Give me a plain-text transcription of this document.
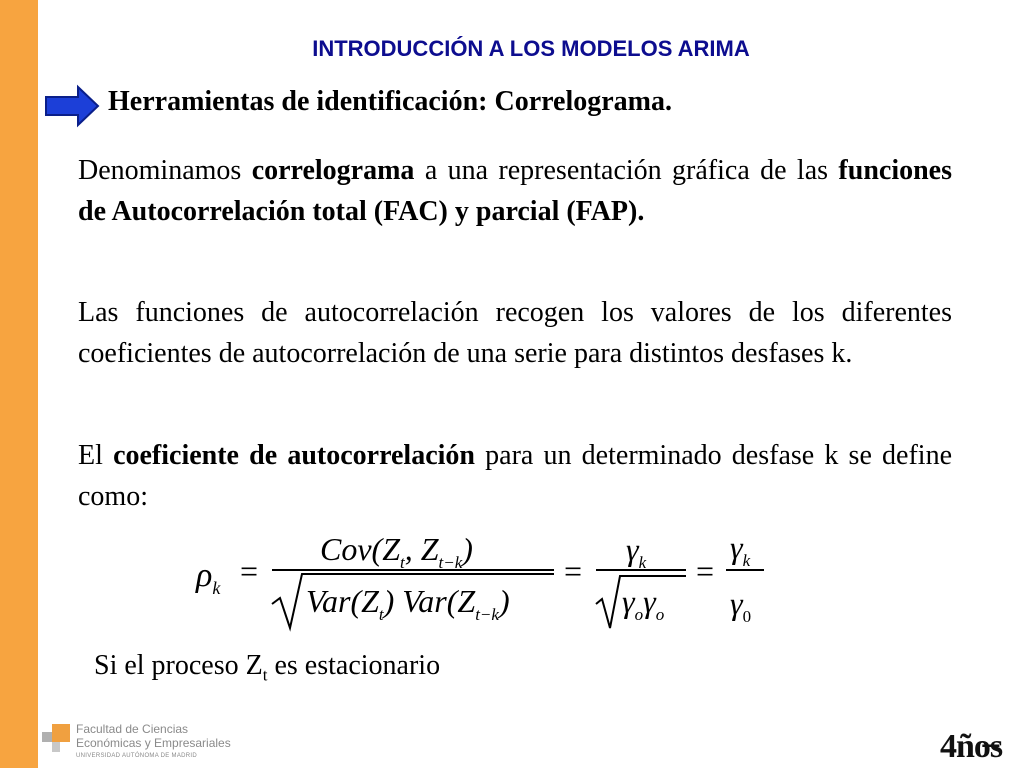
INTRODUCCIÓN A LOS MODELOS ARIMA
Herramientas de identificación: Correlograma.
Denominamos correlograma a una representación gráfica de las funciones de Autocorrelación total (FAC) y parcial (FAP).
Las funciones de autocorrelación recogen los valores de los diferentes coeficientes de autocorrelación de una serie para distintos desfases k.
El coeficiente de autocorrelación para un determinado desfase k se define como:
$\rho_k$ =
$Cov(Z_t$, $Z_{t-k}$)
$Var(Z_t)$ $Var(Z_{t-k})$
=
$\gamma_k$
$\gamma_o\gamma_o$
=
$\gamma_k$
$\gamma_0$
Si el proceso $Z_t$ es estacionario
Facultad de Ciencias
Económicas y Empresariales
UNIVERSIDAD AUTÓNOMA DE MADRID	4ño̶s
